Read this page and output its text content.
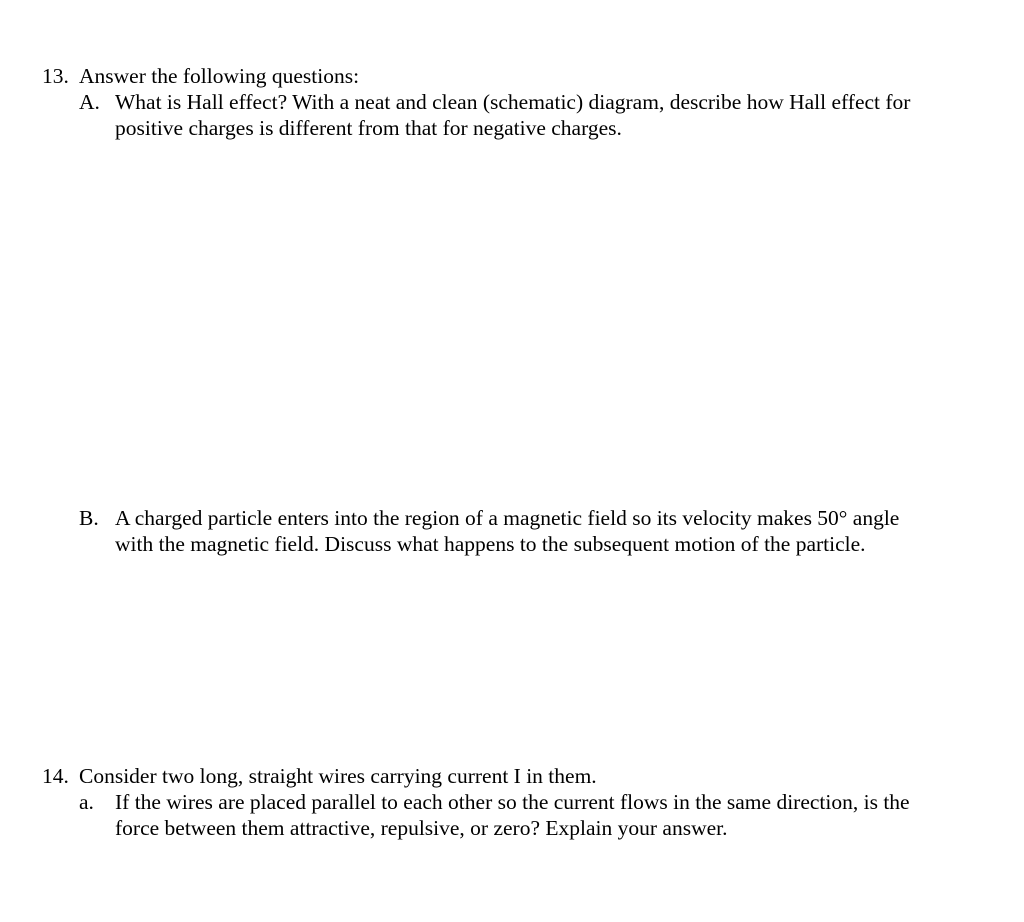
13. Answer the following questions:
A. What is Hall effect? With a neat and clean (schematic) diagram, describe how Hall effect for
positive charges is different from that for negative charges.
B. A charged particle enters into the region of a magnetic field so its velocity makes 50° angle
with the magnetic field. Discuss what happens to the subsequent motion of the particle.
14. Consider two long, straight wires carrying current I in them.
a. If the wires are placed parallel to each other so the current flows in the same direction, is the
force between them attractive, repulsive, or zero? Explain your answer.
